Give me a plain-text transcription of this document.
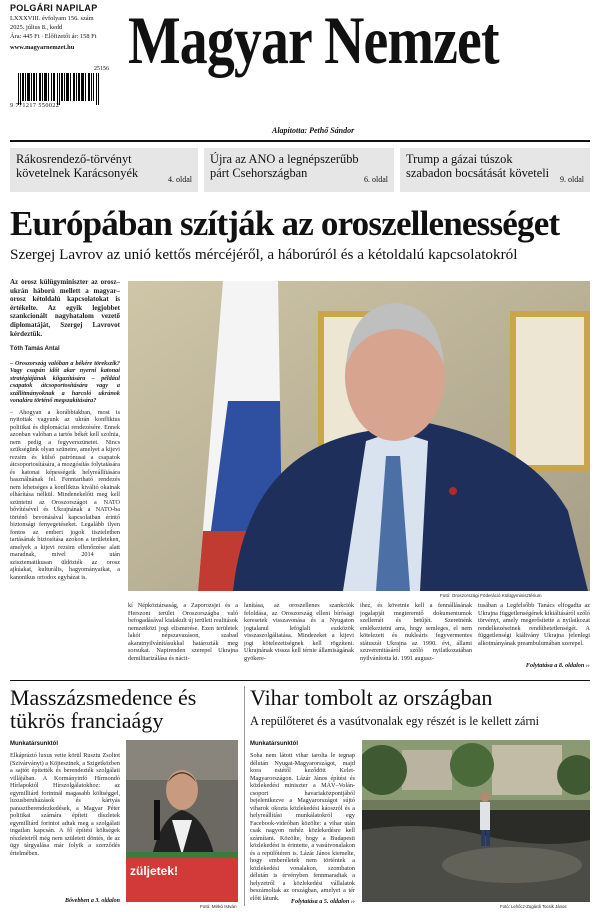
POLGÁRI NAPILAP
LXXXVIII. évfolyam 156. szám
2025. július 8., kedd
Ára: 445 Ft · Előfizetői ár: 158 Ft
www.magyarnemzet.hu
25156
9 771217 550022
Magyar Nemzet
Alapította: Pethő Sándor
Rákosrendező-törvényt követelnek Karácsonyék	4. oldal
Újra az ANO a legnépszerűbb párt Csehországban	6. oldal
Trump a gázai túszok szabadon bocsátását követeli	9. oldal
Európában szítják az oroszellenességet
Szergej Lavrov az unió kettős mércéjéről, a háborúról és a kétoldalú kapcsolatokról
Az orosz külügyminiszter az orosz–ukrán háború mellett a magyar–orosz kétoldalú kapcsolatokat is értékelte. Az egyik legjobbet szankcionált nagyhatalom vezető diplomatáját, Szergej Lavrovot kérdeztük.
Tóth Tamás Antal
– Oroszország valóban a békére törekszik? Vagy csupán időt akar nyerni katonai stratégiájának kiigazítására – például csapatok átcsoportosítására vagy a szállítmányoknak a harcoló ukránok vonalára történő megszakítására?
– Ahogyan a korábbiakban, most is nyitottak vagyunk az ukrán konfliktus politikai és diplomáciai rendezésére. Ennek azonban valóban a tartós békét kell szolnia, nem pedig a fegyverszünetet. Nincs szükségünk olyan szünetre, amelyet a kijevi rezsim és külső patrónusai a csapatok átcsoportosítására, a mozgósítás folytatására és katonai képességeik helyreállítására használnának fel. Fenntartható rendezés nem lehetséges a konfliktus kiváltó okainak elhárítása nélkül. Mindenekelőtt meg kell szüntetni az Oroszországot a NATO bővítésével és Ukrajnának a NATO-ba történő bevonásával kapcsolatban érintő biztonsági fenyegetéseket. Legalább ilyen fontos az emberi jogok tiszteletben tartásának biztosítása azokon a területeken, amelyek a kijevi rezsim ellenőrzése alatt maradnak, mivel 2014 után szisztematikusan üldözték az orosz ajkúakat, kulturális, hagyományaikat, a kanonikus ortodox egyházat is.
Fotó: Oroszországi Föderáció Külügyminisztérium
kí Népköztársaság, a Zaporozsjei és a Herszoni terület Oroszországba való befogadásával kialakult új területi realitások nemzetközi jogi elismerése. Ezen területek lakói népszavazáson, szabad akaratnyilvánításukkal határozták meg sorsukat. Napirenden szerepel Ukrajna demilitarizálása és nácit-
lanítása, az oroszellenes szankciók feloldása, az Oroszország elleni bírósági keresetek visszavonása és a Nyugaton jogtalanul lefoglalt eszközök visszaszolgáltatása. Mindezeket a kijevi jogi kötelezettségnek kell rögzíteni. Ukrajnának vissza kell térnie államiságának gyökere-
ihez, és követnie kell a fennállásának jogalapját megteremtő dokumentumok szellemét és betűjét. Szeretnénk emlékeztetni arra, hogy semleges, el nem kötelezett és nukleáris fegyvermentes státuszát Ukrajna az 1990. évi, állami szuverenitásáról szóló nyilatkozatában nyilvánította ki. 1991 augusz-
tusában a Legfelsőbb Tanács elfogadta az Ukrajna függetlenségének kikiáltásáról szóló törvényt, amely megerősítette a nyilatkozat rendelkezéseinek rendíthetetlenségét. A függetlenségi kiáltvány Ukrajna jelenlegi alkotmányának preambulumában szerepel.
Folytatása a 8. oldalon ››
Masszázsmedence és tükrös franciaágy
Munkatársunktól
Elkápráztó luxus vette körül Rusztu Zsoltot (Szivárványt) a Köjtesztnek, a Szigetközben a sajtót építették és berendezték szolgálati villájában. A Kormányinfó Hírmondó Hírlapoktól Hírszolgálatokhoz: az egymilliárd forintnál magasabb költséggel, luxusberuházások és kártyás parasztberendezkedések, a Magyar Péter politikai számára épített díszletek egymilliárd forintot adtak meg a szolgálati ingatlan kapcsán. A fő építési költségek részleteiről még nem született döntés, de az ügy tárgyalása már folyik a szerződés értelmében.
Bővebben a 3. oldalon
züljetek!
Fotó: Mirkó István
Vihar tombolt az országban
A repülőteret és a vasútvonalak egy részét is le kellett zárni
Munkatársunktól
Soha nem látott vihar tarolta le tegnap délután Nyugat-Magyarországot, majd kora estétől keződött Kelet-Magyarországon. Lázár János építési és közlekedési miniszter a MÁV–Volán-csoport havariaközpontjából bejelentkezve a Magyarországot sújtó viharok okozta közlekedési káoszról és a helyreállítási munkálatokról egy Facebook-videóban közölte: a vihar után csak nagyon nehéz közlekedésre kell számítani. Közölte, hogy a Budapesti közlekedést is érintette, a vasútvonalakon és a repülőtéren is. Lázár János kiemelte, hogy emberéletek nem történtek a közlekedési vonalakon, szombaton délután is érvényben fennmaradtak a helyzetről a közlekedési vállalatok beszámoltak az országban, amelyet a tér előtt látunk.
Fotó: Lehőcz-Zugárdi Tocsik János
Folytatása a 5. oldalon ››
